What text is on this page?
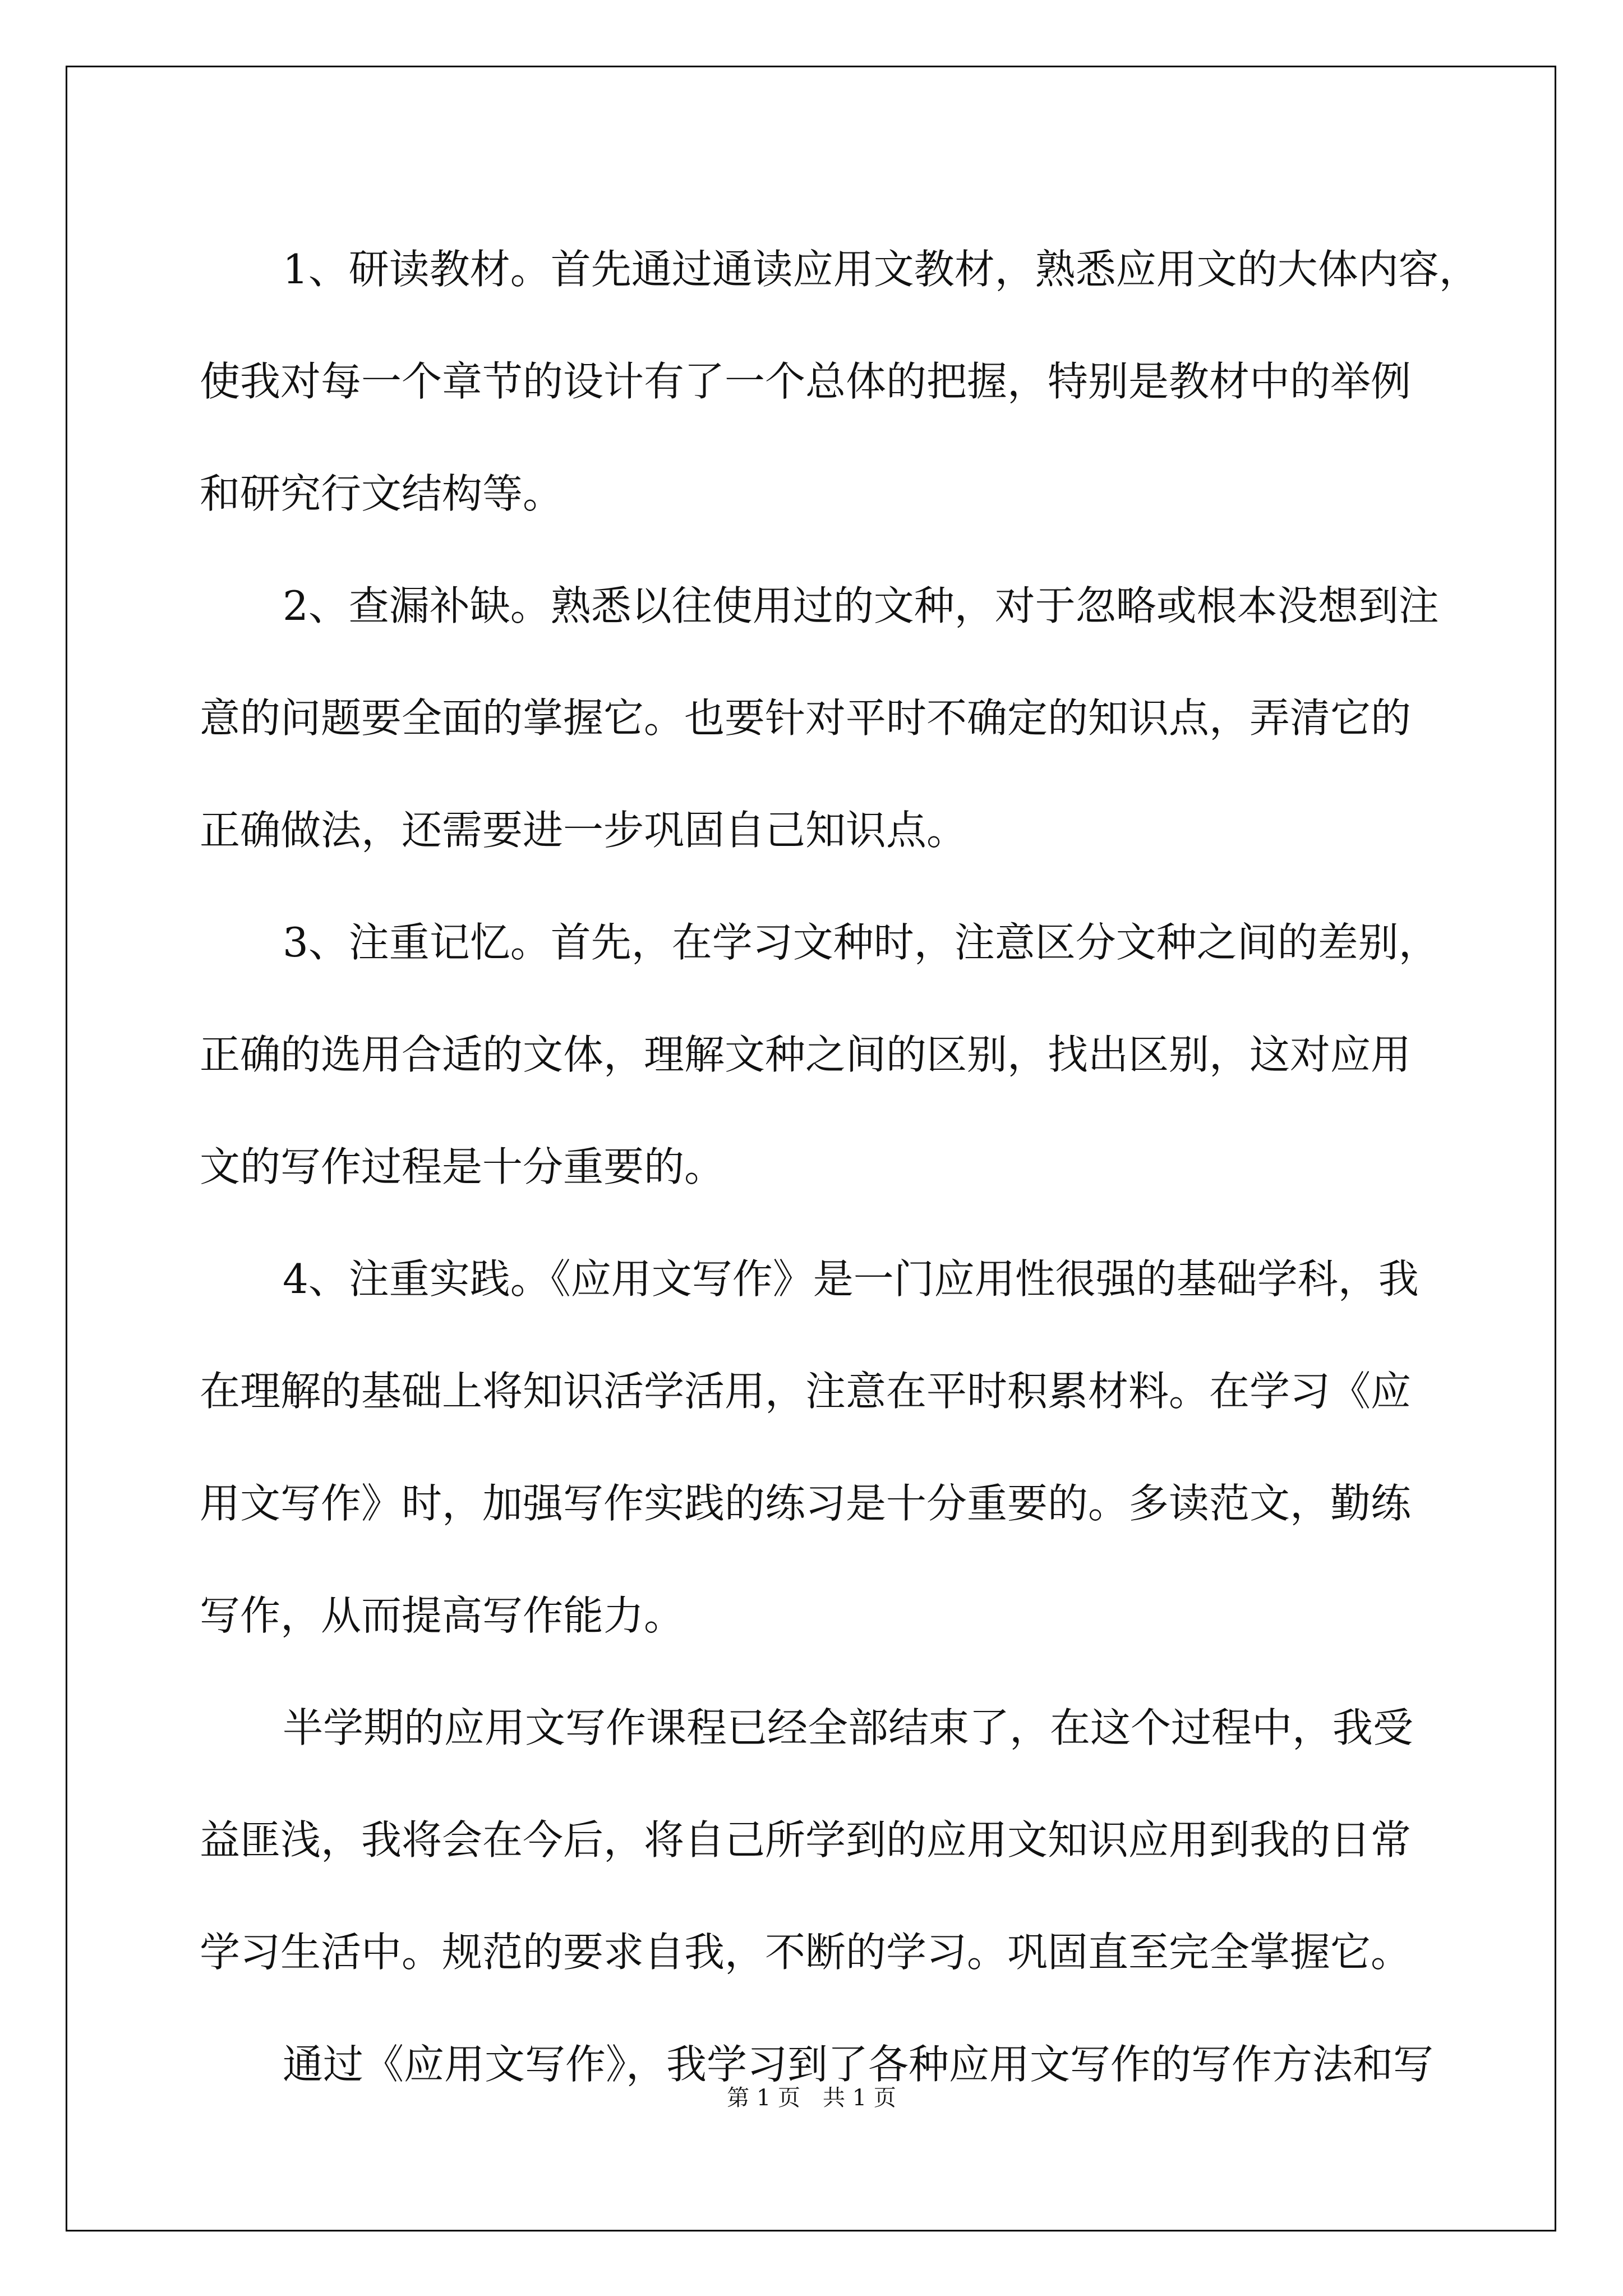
1、研读教材。首先通过通读应用文教材，熟悉应用文的大体内容，
使我对每一个章节的设计有了一个总体的把握，特别是教材中的举例
和研究行文结构等。
2、查漏补缺。熟悉以往使用过的文种，对于忽略或根本没想到注
意的问题要全面的掌握它。也要针对平时不确定的知识点，弄清它的
正确做法，还需要进一步巩固自己知识点。
3、注重记忆。首先，在学习文种时，注意区分文种之间的差别，
正确的选用合适的文体，理解文种之间的区别，找出区别，这对应用
文的写作过程是十分重要的。
4、注重实践。《应用文写作》是一门应用性很强的基础学科，我
在理解的基础上将知识活学活用，注意在平时积累材料。在学习《应
用文写作》时，加强写作实践的练习是十分重要的。多读范文，勤练
写作，从而提高写作能力。
半学期的应用文写作课程已经全部结束了，在这个过程中，我受
益匪浅，我将会在今后，将自己所学到的应用文知识应用到我的日常
学习生活中。规范的要求自我，不断的学习。巩固直至完全掌握它。
通过《应用文写作》，我学习到了各种应用文写作的写作方法和写
第 1 页　共 1 页
